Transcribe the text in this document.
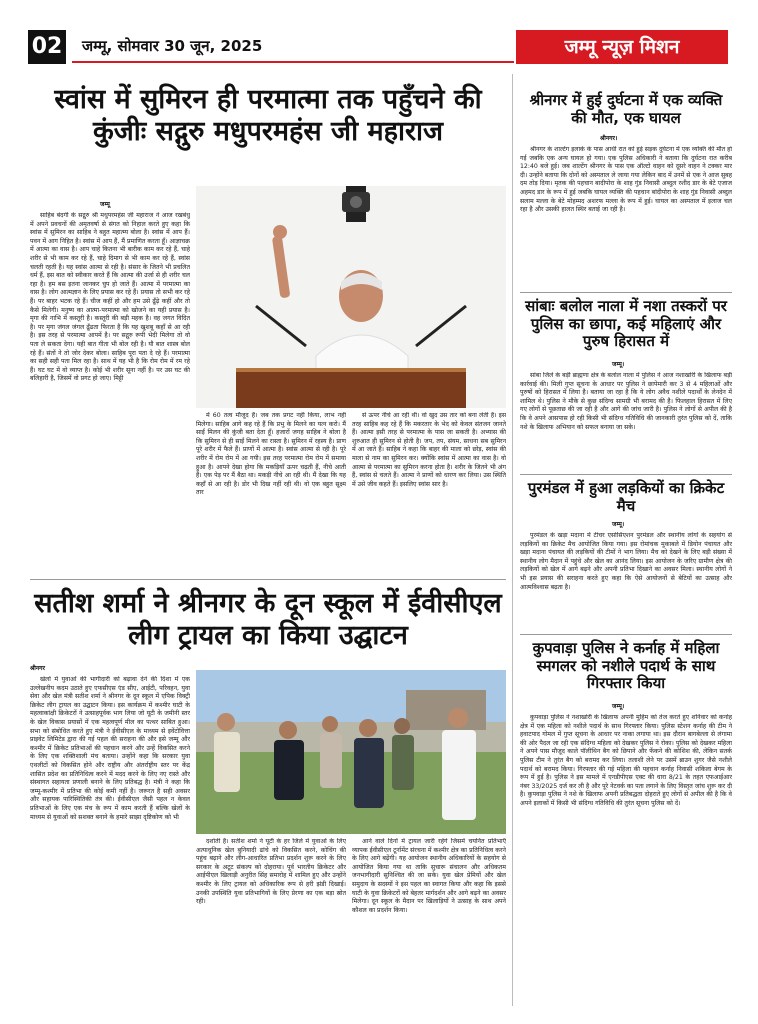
02 जम्मू, सोमवार 30 जून, 2025	जम्मू न्यूज़ मिशन
स्वांस में सुमिरन ही परमात्मा तक पहुँचने की कुंजीः सद्गुरु मधुपरमहंस जी महाराज
जम्मू

साहिब बंदगी के सद्गुरु श्री मधुपरमहंस जी महाराज ने आज रखबंधु में अपने प्रवचनों की अमृतवर्षा से संगत को निहाल करते हुए कहा कि स्वांस में सुमिरन का साहिब ने बहुत महात्म्य बोला है। स्वांस में आप हैं। पवन में आग निहित है। स्वांस में आप हैं, मैं प्रमाणित करता हूँ। आज्ञाचक्र में आत्मा का वास है। आप चाहे कितना भी बारीक काम कर रहे हैं, चाहे शरीर से भी काम कर रहे हैं, चाहे दिमाग से भी काम कर रहे हैं, स्वांस चलती रहती है। यह स्वांस आत्मा से रही है। संसार के जितने भी प्रचलित धर्म हैं, इस बात को स्वीकार करते हैं कि आत्मा की उर्जा से ही शरीर चल रहा है। हम बस इतना जानकर चुप हो जाते हैं। आत्मा में परमात्मा का वास है। लोग आत्मज्ञान के लिए प्रयास कर रहे हैं। प्रयास तो सभी कर रहे हैं। पर बाहर भटक रहे हैं। चीज कहीं हो और हम उसे ढूँढ़े कहीं और तो कैसे मिलेगी। मनुष्य का आत्मा-परमात्मा को खोजने का यही प्रयास है। मृगा की नाभि में कस्तूरी है। कस्तूरी की बड़ी महक है। वह जगत विदित है। पर मृगा जंगल जंगल ढूँढता फिरता है कि यह खुशबू कहाँ से आ रही है। इस तरह से परमात्मा आपमें है। पर सद्गुरु रूपी भेदी मिलेगा तो वो पता ले सकता देगा। यही बात गीता भी बोल रही है। यौ बात शास्त्र बोल रहे हैं। संतों ने तो जोर देकर बोला। साहिब पूरा पता दे रहे हैं। परमात्मा का सही सही पता मिल रहा है। साथ में यह भी है कि रोम रोम में रम रहे हैं। घट घट में वो व्याप्त है। कोई भी शरीर सूना नहीं है। पर उस घट की बलिहारी है, जिसमें वो प्रगट हो जाए। मिट्टी

में 60 तत्व मौजूद हैं। जब तक प्रगट नहीं किया, लाभ नहीं मिलेगा। साहिब आगे कह रहे हैं कि प्रभु के मिलने का यत्न करो। मैं साईं मिलन की कुंजी बता देता हूँ। हजारों जगह साहिब ने बोला है कि सुमिरन से ही साईं मिलने का रास्ता है। सुमिरन में रहस्य है। प्राण पूरे शरीर में फैले हैं। प्राणों में आत्मा है। स्वांस आत्मा से रही है। पूरे शरीर में रोम रोम में आ गयी। इस तरह परमात्मा रोम रोम में समाया हुआ है। आपने देखा होगा कि मकड़ियाँ ऊपर चढ़ती हैं, नीचे आती हैं। एक पेड़ पर मैं बैठा था। मकड़ी नीचे आ रही थी। मैं देखा कि यह कहाँ से आ रही है। डोर भी दिख नहीं रही थी। वो एक बहुत सूक्ष्म तार

से ऊपर नीचे आ रही थी। वो खुद उस तार को बना लेती है। इस तरह साहिब कह रहे हैं कि मकरतार के भेद को केवल संतजन जानते हैं। आत्मा इसी तरह से परमात्मा के पास जा सकती है। अभ्यास की शुरुआत ही सुमिरन से होती है। जप, तप, संयम, साधना सब सुमिरन में आ जाते हैं। साहिब ने कहा कि बाहर की माला को छोड़, स्वांस की माला से नाम का सुमिरन कर। क्योंकि स्वांस में आत्मा का वास है। वो आत्मा से परमात्मा का सुमिरन करना होता है। शरीर के जितने भी अंग हैं, स्वांस से चलते हैं। आत्मा ने प्राणों को धारण कर लिया। उस स्थिति में उसे जीव कहते हैं। इसलिए स्वांस सार है।

सतीश शर्मा ने श्रीनगर के दून स्कूल में ईवीसीएल लीग ट्रायल का किया उद्घाटन
श्रीनगर

खेलों में युवाओं की भागीदारी को बढ़ावा देने की दिशा में एक उल्लेखनीय कदम उठाते हुए एफसीएस एंड सीए, आईटी, परिवहन, युवा सेवा और खेल मंत्री सतीश शर्मा ने श्रीनगर के दून स्कूल में एपिक विक्ट्री क्रिकेट लीग ट्रायल का उद्घाटन किया। इस कार्यक्रम में कश्मीर घाटी के महत्वाकांक्षी क्रिकेटरों ने उत्साहपूर्वक भाग लिया जो यूटी के जमीनी स्तर के खेल विकास प्रयासों में एक महत्वपूर्ण मील का पत्थर साबित हुआ। सभा को संबोधित करते हुए मंत्री ने ईवीसीएल के माध्यम से इवेंटोवित्ता प्राइवेट लिमिटेड द्वारा की गई पहल की सराहना की और इसे जम्मू और कश्मीर में क्रिकेट प्रतिभाओं की पहचान करने और उन्हें विकसित करने के लिए एक शक्तिशाली मंच बताया। उन्होंने कहा कि सरकार युवा एथलीटों को विकसित होने और राष्ट्रीय और अंतर्राष्ट्रीय स्तर पर केंद्र शासित प्रदेश का प्रतिनिधित्व करने में मदद करने के लिए नए रास्ते और संस्थागत सहायता प्रणाली बनाने के लिए प्रतिबद्ध है। मंत्री ने कहा कि जम्मू-कश्मीर में प्रतिभा की कोई कमी नहीं है। जरूरत है सही अवसर और सहायक पारिस्थितिकी तंत्र की। ईवीसीएल जैसी पहल न केवल प्रतिभाओं के लिए एक मंच के रूप में काम करती हैं बल्कि खेलों के माध्यम से युवाओं को सशक्त बनाने के हमारे साझा दृष्टिकोण को भी

दर्शाती है। सतीश शर्मा ने यूटी के हर जिले में युवाओं के लिए अत्याधुनिक खेल बुनियादी ढांचे को विकसित करने, कोचिंग की पहुंच बढ़ाने और लीग-आधारित प्रतिभा प्रदर्शन शुरू करने के लिए सरकार के अटूट संकल्प को दोहराया। पूर्व भारतीय क्रिकेटर और आईपीएल खिलाड़ी अनुरीत सिंह समारोह में शामिल हुए और उन्होंने कश्मीर के लिए ट्रायल को अधिकारिक रूप से हरी झंडी दिखाई। उनकी उपस्थिति युवा प्रतिभागियों के लिए प्रेरणा का एक बड़ा स्रोत रही।

आने वाले दिनों में ट्रायल जारी रहेंगे जिसमें चयनित प्रतिभाएँ व्यापक ईवीसीएल टूर्नामेंट संरचना में कश्मीर क्षेत्र का प्रतिनिधित्व करने के लिए आगे बढ़ेंगी। यह आयोजन स्थानीय अधिकारियों के सहयोग से आयोजित किया गया था ताकि सुचारू संचालन और अधिकतम जनभागीदारी सुनिश्चित की जा सके। युवा खेल प्रेमियों और खेल समुदाय के सदस्यों ने इस पहल का स्वागत किया और कहा कि इससे घाटी के युवा क्रिकेटरों को बेहतर मार्गदर्शन और आगे बढ़ने का अवसर मिलेगा। दून स्कूल के मैदान पर खिलाड़ियों ने उत्साह के साथ अपने कौशल का प्रदर्शन किया।

श्रीनगर में हुई दुर्घटना में एक व्यक्ति की मौत, एक घायल
श्रीनगर।

श्रीनगर के शाल्टेंग इलाके के पास आधी रात को हुई सड़क दुर्घटना में एक व्यक्ति की मौत हो गई जबकि एक अन्य घायल हो गया। एक पुलिस अधिकारी ने बताया कि दुर्घटना रात करीब 12:40 बजे हुई। जब शाल्टेंग श्रीनगर के पास एक ऑल्टो वाहन को दूसरे वाहन ने टक्कर मार दी। उन्होंने बताया कि दोनों को अस्पताल ले जाया गया लेकिन बाद में उनमें से एक ने आज सुबह दम तोड़ दिया। मृतक की पहचान बादीपोरा के शाह गुंड निवासी अब्दुल रशीद डार के बेटे एजाज अहमद डार के रूप में हुई जबकि घायल व्यक्ति की पहचान बांदीपोरा के शाह गुंड निवासी अब्दुल सलाम मल्ला के बेटे मोहम्मद अशरफ मल्ला के रूप में हुई। घायल का अस्पताल में इलाज चल रहा है और उसकी हालत स्थिर बताई जा रही है।

सांबाः बलोल नाला में नशा तस्करों पर पुलिस का छापा, कई महिलाएं और पुरुष हिरासत में
जम्मू।

सांबा जिले के बड़ी ब्राह्मणा क्षेत्र के बलोल नाला में पुलिस ने आज नशाखोरी के खिलाफ बड़ी कार्रवाई की। मिली गुप्त सूचना के आधार पर पुलिस ने छापेमारी कर 3 से 4 महिलाओं और पुरुषों को हिरासत में लिया है। बताया जा रहा है कि ये लोग अवैध नशीले पदार्थों के लेनदेन में शामिल थे। पुलिस ने मौके से कुछ संदिग्ध सामग्री भी बरामद की है। फिलहाल हिरासत में लिए गए लोगों से पूछताछ की जा रही है और आगे की जांच जारी है। पुलिस ने लोगों से अपील की है कि वे अपने आसपास हो रही किसी भी संदिग्ध गतिविधि की जानकारी तुरंत पुलिस को दें, ताकि नशे के खिलाफ अभियान को सफल बनाया जा सके।

पुरमंडल में हुआ लड़कियों का क्रिकेट मैच
जम्मू।

पुरमंडल के खड़ा मदाना में टीचर एसोसिएशन पुरमंडल और स्थानीय लोगों के सहयोग से लड़कियों का क्रिकेट मैच आयोजित किया गया। इस रोमांचक मुकाबले में डियोन पंचायत और खड़ा मदाना पंचायत की लड़कियों की टीमों ने भाग लिया। मैच को देखने के लिए बड़ी संख्या में स्थानीय लोग मैदान में पहुंचे और खेल का आनंद लिया। इस आयोजन के जरिए ग्रामीण क्षेत्र की लड़कियों को खेल में आगे बढ़ने और अपनी प्रतिभा दिखाने का अवसर मिला। स्थानीय लोगों ने भी इस प्रयास की सराहना करते हुए कहा कि ऐसे आयोजनों से बेटियों का उत्साह और आत्मविश्वास बढ़ता है।

कुपवाड़ा पुलिस ने कर्नाह में महिला स्मगलर को नशीले पदार्थ के साथ गिरफ्तार किया
जम्मू।

कुपवाड़ा पुलिस ने नशाखोरी के खिलाफ अपनी मुहिम को तेज करते हुए शनिवार को कर्नाह क्षेत्र में एक महिला को नशीले पदार्थ के साथ गिरफ्तार किया। पुलिस स्टेशन कर्नाह की टीम ने हवाटपाद गोमल में गुप्त सूचना के आधार पर नाका लगाया था। इस दौरान बागबेल्ला से लंगामा की ओर पैदल जा रही एक संदिग्ध महिला को देखकर पुलिस ने रोका। पुलिस को देखकर महिला ने अपने पास मौजूद काले पॉलीथिन बैग को छिपाने और फेंकने की कोशिश की, लेकिन सतर्क पुलिस टीम ने तुरंत बैग को बरामद कर लिया। तलाशी लेने पर उसमें ब्राउन शुगर जैसे नशीले पदार्थ को बरामद किया। गिरफ्तार की गई महिला की पहचान कर्नाह निवासी शकिला बेगम के रूप में हुई है। पुलिस ने इस मामले में एनडीपीएस एक्ट की धारा 8/21 के तहत एफआईआर नंबर 33/2025 दर्ज कर ली है और पूरे नेटवर्क का पता लगाने के लिए विस्तृत जांच शुरू कर दी है। कुपवाड़ा पुलिस ने नशे के खिलाफ अपनी प्रतिबद्धता दोहराते हुए लोगों से अपील की है कि वे अपने इलाकों में किसी भी संदिग्ध गतिविधि की तुरंत सूचना पुलिस को दें।
